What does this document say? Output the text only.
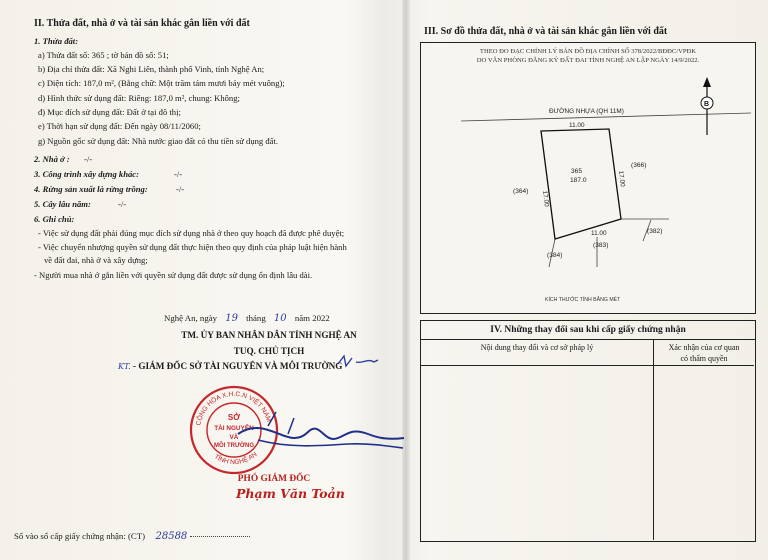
II. Thửa đất, nhà ở và tài sản khác gắn liền với đất
1. Thửa đất:
a) Thửa đất số: 365 ; tờ bản đồ số: 51;
b) Địa chỉ thửa đất: Xã Nghi Liên, thành phố Vinh, tỉnh Nghệ An;
c) Diện tích: 187,0 m², (Bằng chữ: Một trăm tám mươi bảy mét vuông);
d) Hình thức sử dụng đất: Riêng: 187,0 m², chung: Không;
đ) Mục đích sử dụng đất: Đất ở tại đô thị;
e) Thời hạn sử dụng đất: Đến ngày 08/11/2060;
g) Nguồn gốc sử dụng đất: Nhà nước giao đất có thu tiền sử dụng đất.
2. Nhà ở : -/-
3. Công trình xây dựng khác:	-/-
4. Rừng sản xuất là rừng trồng:	-/-
5. Cây lâu năm:	-/-
6. Ghi chú:
- Việc sử dụng đất phải đúng mục đích sử dụng nhà ở theo quy hoạch đã được phê duyệt;
- Việc chuyển nhượng quyền sử dụng đất thực hiện theo quy định của pháp luật hiện hành
về đất đai, nhà ở và xây dựng;
- Người mua nhà ở gắn liền với quyền sử dụng đất được sử dụng ổn định lâu dài.
Nghệ An, ngày 19 tháng 10 năm 2022
TM. ỦY BAN NHÂN DÂN TỈNH NGHỆ AN
TUQ. CHỦ TỊCH
KT. - GIÁM ĐỐC SỞ TÀI NGUYÊN VÀ MÔI TRƯỜNG
CỘNG HÒA X.H.C.N VIỆT NAM
TỈNH NGHỆ AN
SỞ
TÀI NGUYÊN
VÀ
MÔI TRƯỜNG
PHÓ GIÁM ĐỐC
Phạm Văn Toản
Số vào sổ cấp giấy chứng nhận: (CT) 28588
III. Sơ đồ thửa đất, nhà ở và tài sản khác gắn liền với đất
THEO ĐO ĐẠC CHỈNH LÝ BẢN ĐỒ ĐỊA CHÍNH SỐ 378/2022/BĐĐC/VPĐK
DO VĂN PHÒNG ĐĂNG KÝ ĐẤT ĐAI TỈNH NGHỆ AN LẬP NGÀY 14/9/2022.
ĐƯỜNG NHỰA (QH 11M)
11.00
11.00
17.00
17.00
365
187.0
(366)
(364)
(382)
(383)
(384)
B
KÍCH THƯỚC TÍNH BẰNG MÉT
IV. Những thay đổi sau khi cấp giấy chứng nhận
Nội dung thay đổi và cơ sở pháp lý	Xác nhận của cơ quan
có thẩm quyền
